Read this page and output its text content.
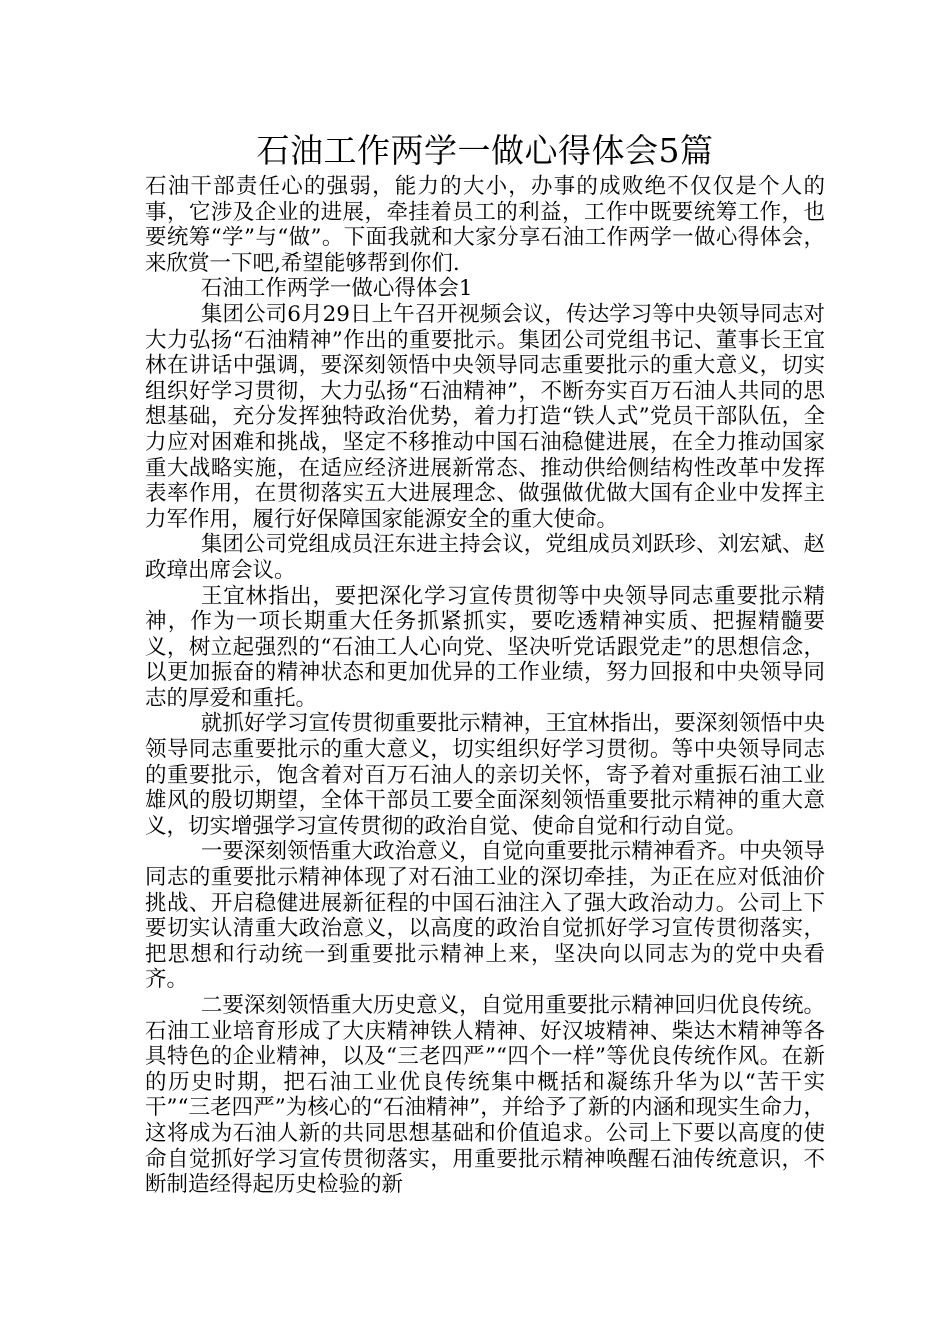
石油工作两学一做心得体会5篇

石油干部责任心的强弱，能力的大小，办事的成败绝不仅仅是个人的事，它涉及企业的进展，牵挂着员工的利益，工作中既要统筹工作，也要统筹“学”与“做”。下面我就和大家分享石油工作两学一做心得体会，来欣赏一下吧,希望能够帮到你们.

石油工作两学一做心得体会1

集团公司6月29日上午召开视频会议，传达学习等中央领导同志对大力弘扬“石油精神”作出的重要批示。集团公司党组书记、董事长王宜林在讲话中强调，要深刻领悟中央领导同志重要批示的重大意义，切实组织好学习贯彻，大力弘扬“石油精神”，不断夯实百万石油人共同的思想基础，充分发挥独特政治优势，着力打造“铁人式”党员干部队伍，全力应对困难和挑战，坚定不移推动中国石油稳健进展，在全力推动国家重大战略实施，在适应经济进展新常态、推动供给侧结构性改革中发挥表率作用，在贯彻落实五大进展理念、做强做优做大国有企业中发挥主力军作用，履行好保障国家能源安全的重大使命。

集团公司党组成员汪东进主持会议，党组成员刘跃珍、刘宏斌、赵政璋出席会议。

王宜林指出，要把深化学习宣传贯彻等中央领导同志重要批示精神，作为一项长期重大任务抓紧抓实，要吃透精神实质、把握精髓要义，树立起强烈的“石油工人心向党、坚决听党话跟党走”的思想信念，以更加振奋的精神状态和更加优异的工作业绩，努力回报和中央领导同志的厚爱和重托。

就抓好学习宣传贯彻重要批示精神，王宜林指出，要深刻领悟中央领导同志重要批示的重大意义，切实组织好学习贯彻。等中央领导同志的重要批示，饱含着对百万石油人的亲切关怀，寄予着对重振石油工业雄风的殷切期望，全体干部员工要全面深刻领悟重要批示精神的重大意义，切实增强学习宣传贯彻的政治自觉、使命自觉和行动自觉。

一要深刻领悟重大政治意义，自觉向重要批示精神看齐。中央领导同志的重要批示精神体现了对石油工业的深切牵挂，为正在应对低油价挑战、开启稳健进展新征程的中国石油注入了强大政治动力。公司上下要切实认清重大政治意义，以高度的政治自觉抓好学习宣传贯彻落实，把思想和行动统一到重要批示精神上来，坚决向以同志为的党中央看齐。

二要深刻领悟重大历史意义，自觉用重要批示精神回归优良传统。石油工业培育形成了大庆精神铁人精神、好汉坡精神、柴达木精神等各具特色的企业精神，以及“三老四严”“四个一样”等优良传统作风。在新的历史时期，把石油工业优良传统集中概括和凝练升华为以“苦干实干”“三老四严”为核心的“石油精神”，并给予了新的内涵和现实生命力，这将成为石油人新的共同思想基础和价值追求。公司上下要以高度的使命自觉抓好学习宣传贯彻落实，用重要批示精神唤醒石油传统意识，不断制造经得起历史检验的新
